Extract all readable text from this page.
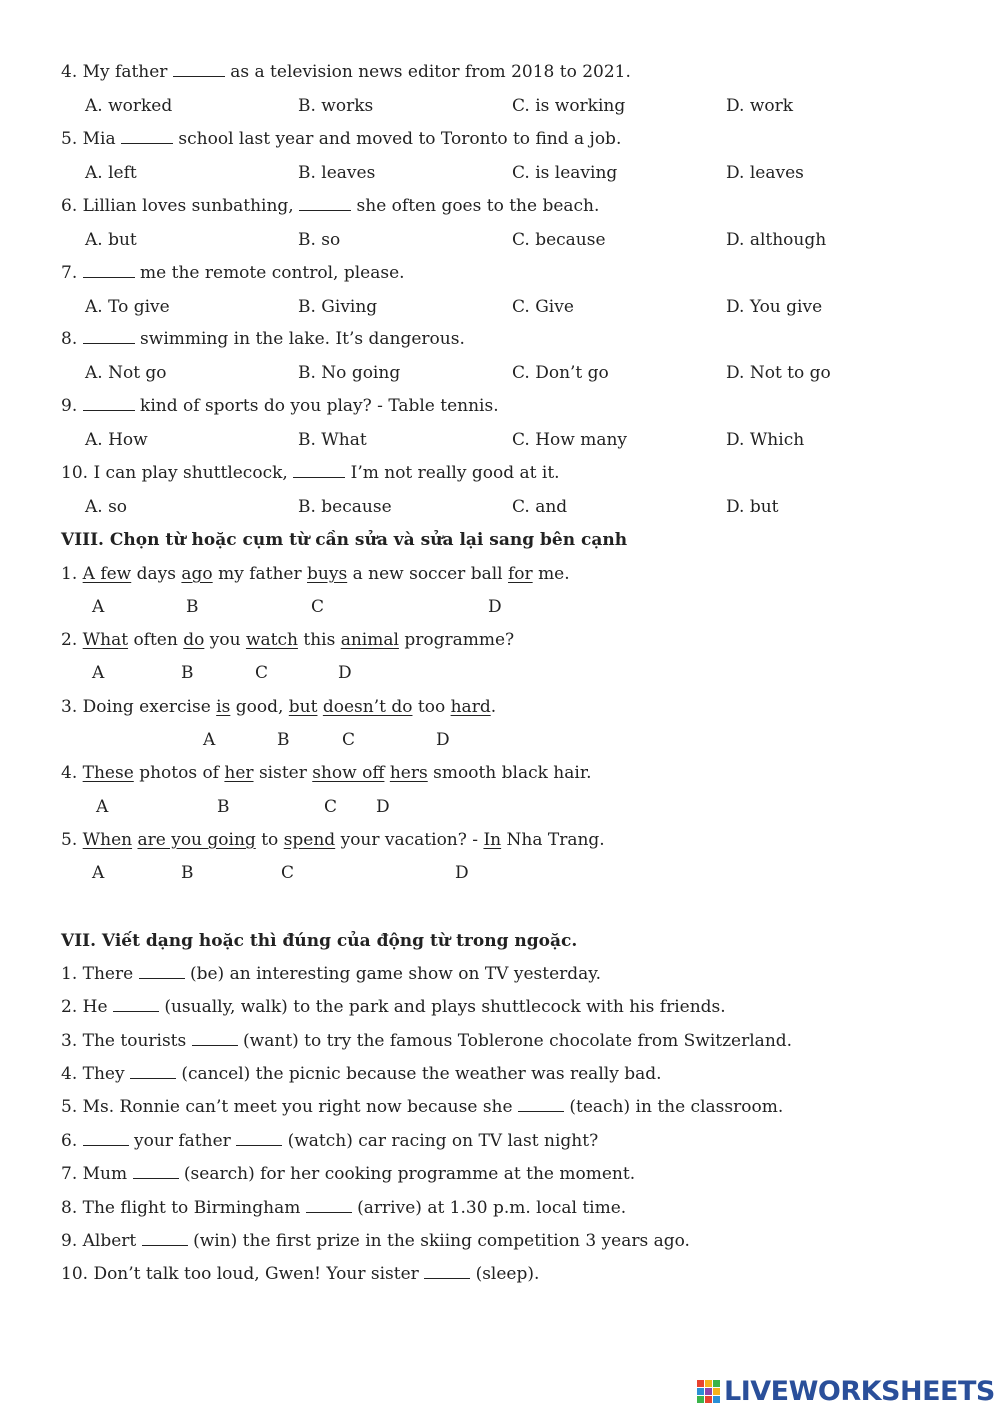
4. My father	as a television news editor from 2018 to 2021.
A. worked	B. works	C. is working	D. work
5. Mia	school last year and moved to Toronto to find a job.
A. left	B. leaves	C. is leaving	D. leaves
6. Lillian loves sunbathing,	she often goes to the beach.
A. but	B. so	C. because	D. although
7.	me the remote control, please.
A. To give	B. Giving	C. Give	D. You give
8.	swimming in the lake. It’s dangerous.
A. Not go	B. No going	C. Don’t go	D. Not to go
9.	kind of sports do you play? - Table tennis.
A. How	B. What	C. How many	D. Which
10. I can play shuttlecock,	I’m not really good at it.
A. so	B. because	C. and	D. but
VIII. Chọn từ hoặc cụm từ cần sửa và sửa lại sang bên cạnh
1. A few days ago my father buys a new soccer ball for me.
A	B	C	D
2. What often do you watch this animal programme?
A	B	C	D
3. Doing exercise is good, but doesn’t do too hard.
A	B	C	D
4. These photos of her sister show off hers smooth black hair.
A	B	C D
5. When are you going to spend your vacation? - In Nha Trang.
A	B	C	D
VII. Viết dạng hoặc thì đúng của động từ trong ngoặc.
1. There	(be) an interesting game show on TV yesterday.
2. He	(usually, walk) to the park and plays shuttlecock with his friends.
3. The tourists	(want) to try the famous Toblerone chocolate from Switzerland.
4. They	(cancel) the picnic because the weather was really bad.
5. Ms. Ronnie can’t meet you right now because she	(teach) in the classroom.
6.	your father	(watch) car racing on TV last night?
7. Mum	(search) for her cooking programme at the moment.
8. The flight to Birmingham	(arrive) at 1.30 p.m. local time.
9. Albert	(win) the first prize in the skiing competition 3 years ago.
10. Don’t talk too loud, Gwen! Your sister	(sleep).
LIVEWORKSHEETS
